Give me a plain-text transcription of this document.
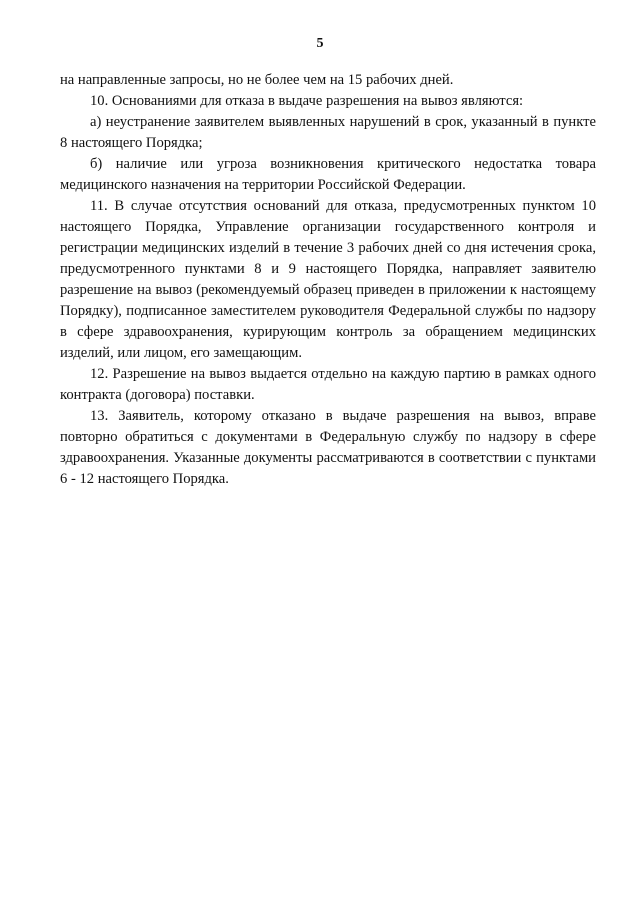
5

на направленные запросы, но не более чем на 15 рабочих дней.

10. Основаниями для отказа в выдаче разрешения на вывоз являются:

а) неустранение заявителем выявленных нарушений в срок, указанный в пункте 8 настоящего Порядка;

б) наличие или угроза возникновения критического недостатка товара медицинского назначения на территории Российской Федерации.

11. В случае отсутствия оснований для отказа, предусмотренных пунктом 10 настоящего Порядка, Управление организации государственного контроля и регистрации медицинских изделий в течение 3 рабочих дней со дня истечения срока, предусмотренного пунктами 8 и 9 настоящего Порядка, направляет заявителю разрешение на вывоз (рекомендуемый образец приведен в приложении к настоящему Порядку), подписанное заместителем руководителя Федеральной службы по надзору в сфере здравоохранения, курирующим контроль за обращением медицинских изделий, или лицом, его замещающим.

12. Разрешение на вывоз выдается отдельно на каждую партию в рамках одного контракта (договора) поставки.

13. Заявитель, которому отказано в выдаче разрешения на вывоз, вправе повторно обратиться с документами в Федеральную службу по надзору в сфере здравоохранения. Указанные документы рассматриваются в соответствии с пунктами 6 - 12 настоящего Порядка.
